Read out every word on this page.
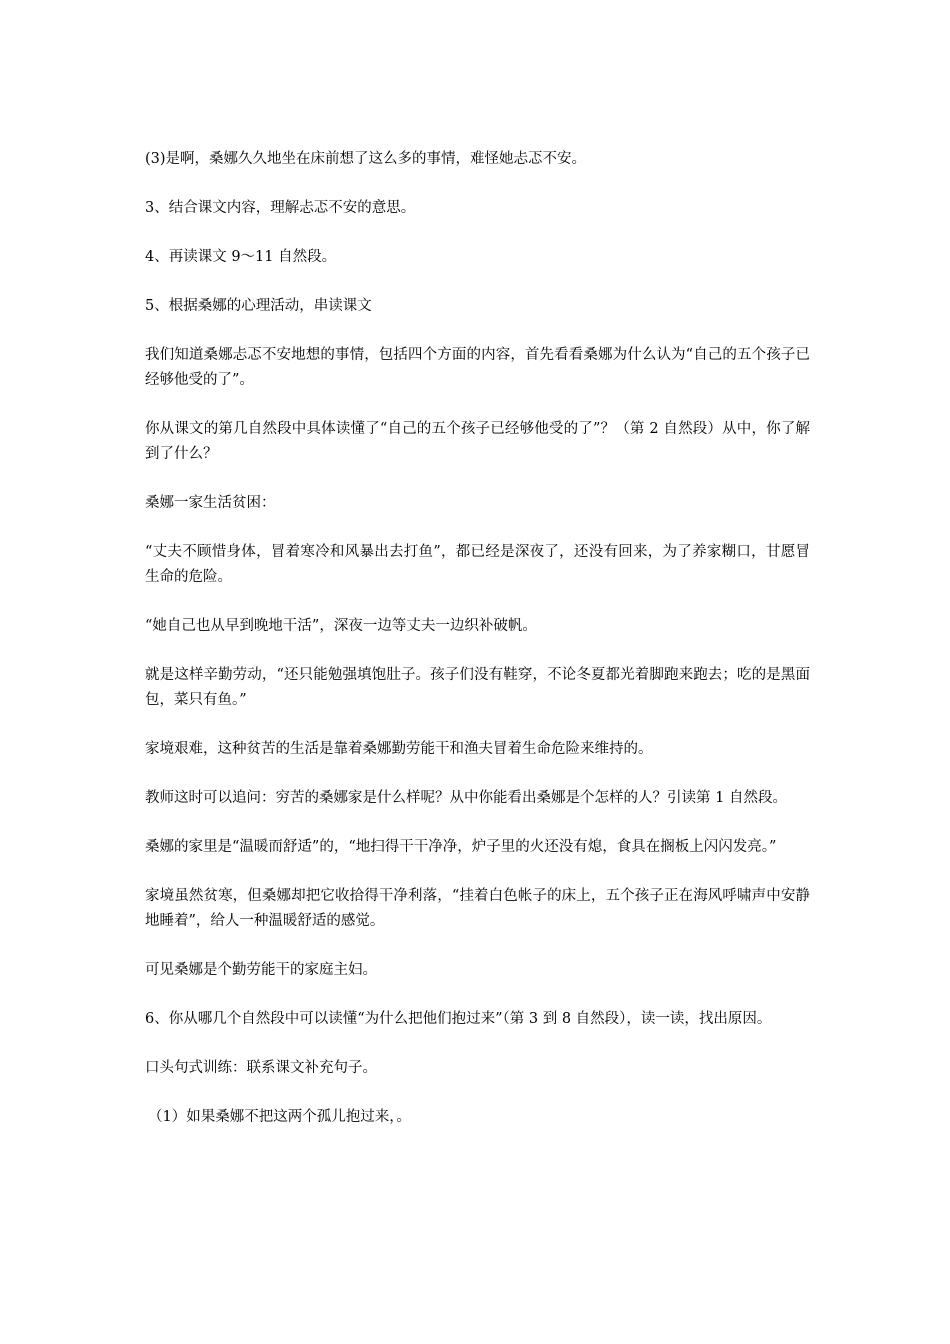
(3)是啊，桑娜久久地坐在床前想了这么多的事情，难怪她忐忑不安。

3、结合课文内容，理解忐忑不安的意思。

4、再读课文 9～11 自然段。

5、根据桑娜的心理活动，串读课文

我们知道桑娜忐忑不安地想的事情，包括四个方面的内容，首先看看桑娜为什么认为“自己的五个孩子已经够他受的了”。

你从课文的第几自然段中具体读懂了“自己的五个孩子已经够他受的了”？（第 2 自然段）从中，你了解到了什么？

桑娜一家生活贫困：

“丈夫不顾惜身体，冒着寒冷和风暴出去打鱼”，都已经是深夜了，还没有回来，为了养家糊口，甘愿冒生命的危险。

“她自己也从早到晚地干活”，深夜一边等丈夫一边织补破帆。

就是这样辛勤劳动，“还只能勉强填饱肚子。孩子们没有鞋穿，不论冬夏都光着脚跑来跑去；吃的是黑面包，菜只有鱼。”

家境艰难，这种贫苦的生活是靠着桑娜勤劳能干和渔夫冒着生命危险来维持的。

教师这时可以追问：穷苦的桑娜家是什么样呢？从中你能看出桑娜是个怎样的人？引读第 1 自然段。

桑娜的家里是“温暖而舒适”的，“地扫得干干净净，炉子里的火还没有熄，食具在搁板上闪闪发亮。”

家境虽然贫寒，但桑娜却把它收拾得干净利落，“挂着白色帐子的床上，五个孩子正在海风呼啸声中安静地睡着”，给人一种温暖舒适的感觉。

可见桑娜是个勤劳能干的家庭主妇。

6、你从哪几个自然段中可以读懂“为什么把他们抱过来”（第 3 到 8 自然段），读一读，找出原因。

口头句式训练：联系课文补充句子。

（1）如果桑娜不把这两个孤儿抱过来，。
